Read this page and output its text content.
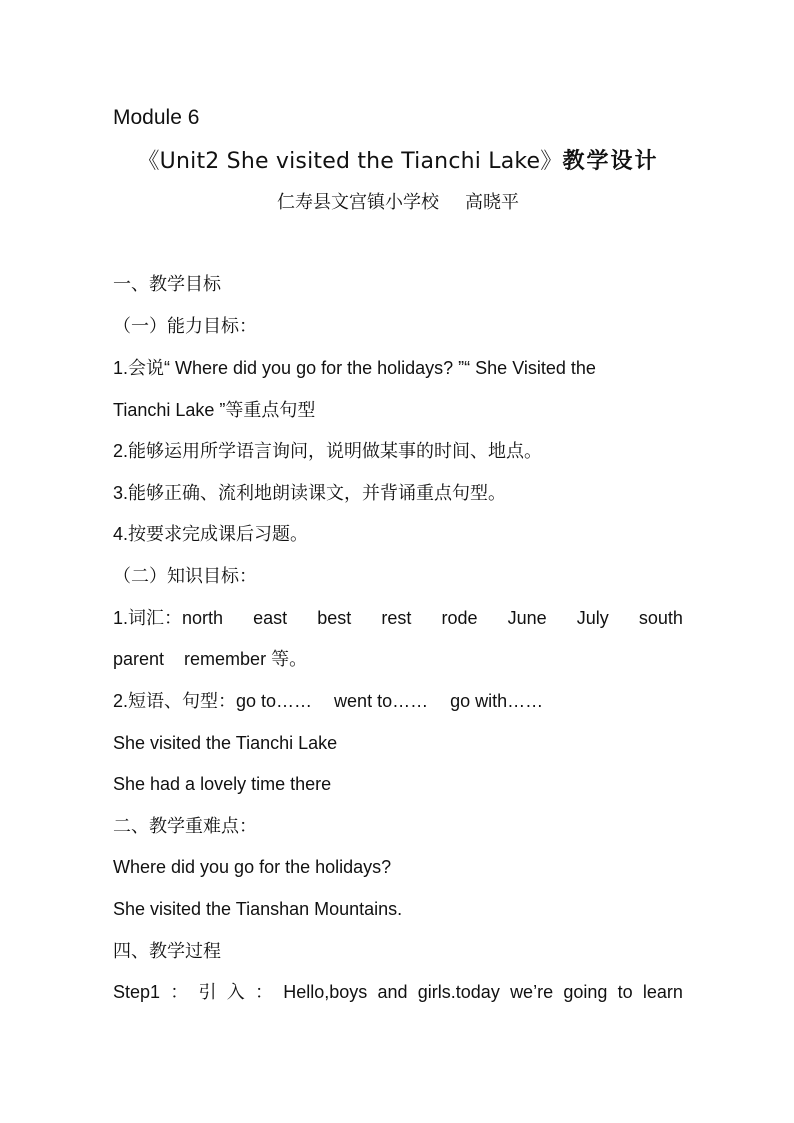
Module 6
《Unit2 She visited the Tianchi Lake》教学设计
仁寿县文宫镇小学校 高晓平
一、教学目标
（一）能力目标：
1.会说“ Where did you go for the holidays? ”“ She Visited the
Tianchi Lake ”等重点句型
2.能够运用所学语言询问，说明做某事的时间、地点。
3.能够正确、流利地朗读课文，并背诵重点句型。
4.按要求完成课后习题。
（二）知识目标：
1.词汇：north east best rest rode June July south
parent remember 等。
2.短语、句型：go to…… went to…… go with……
She visited the Tianchi Lake
She had a lovely time there
二、教学重难点：
Where did you go for the holidays?
She visited the Tianshan Mountains.
四、教学过程
Step1 ： 引 入 ： Hello,boys and girls.today we’re going to learn
